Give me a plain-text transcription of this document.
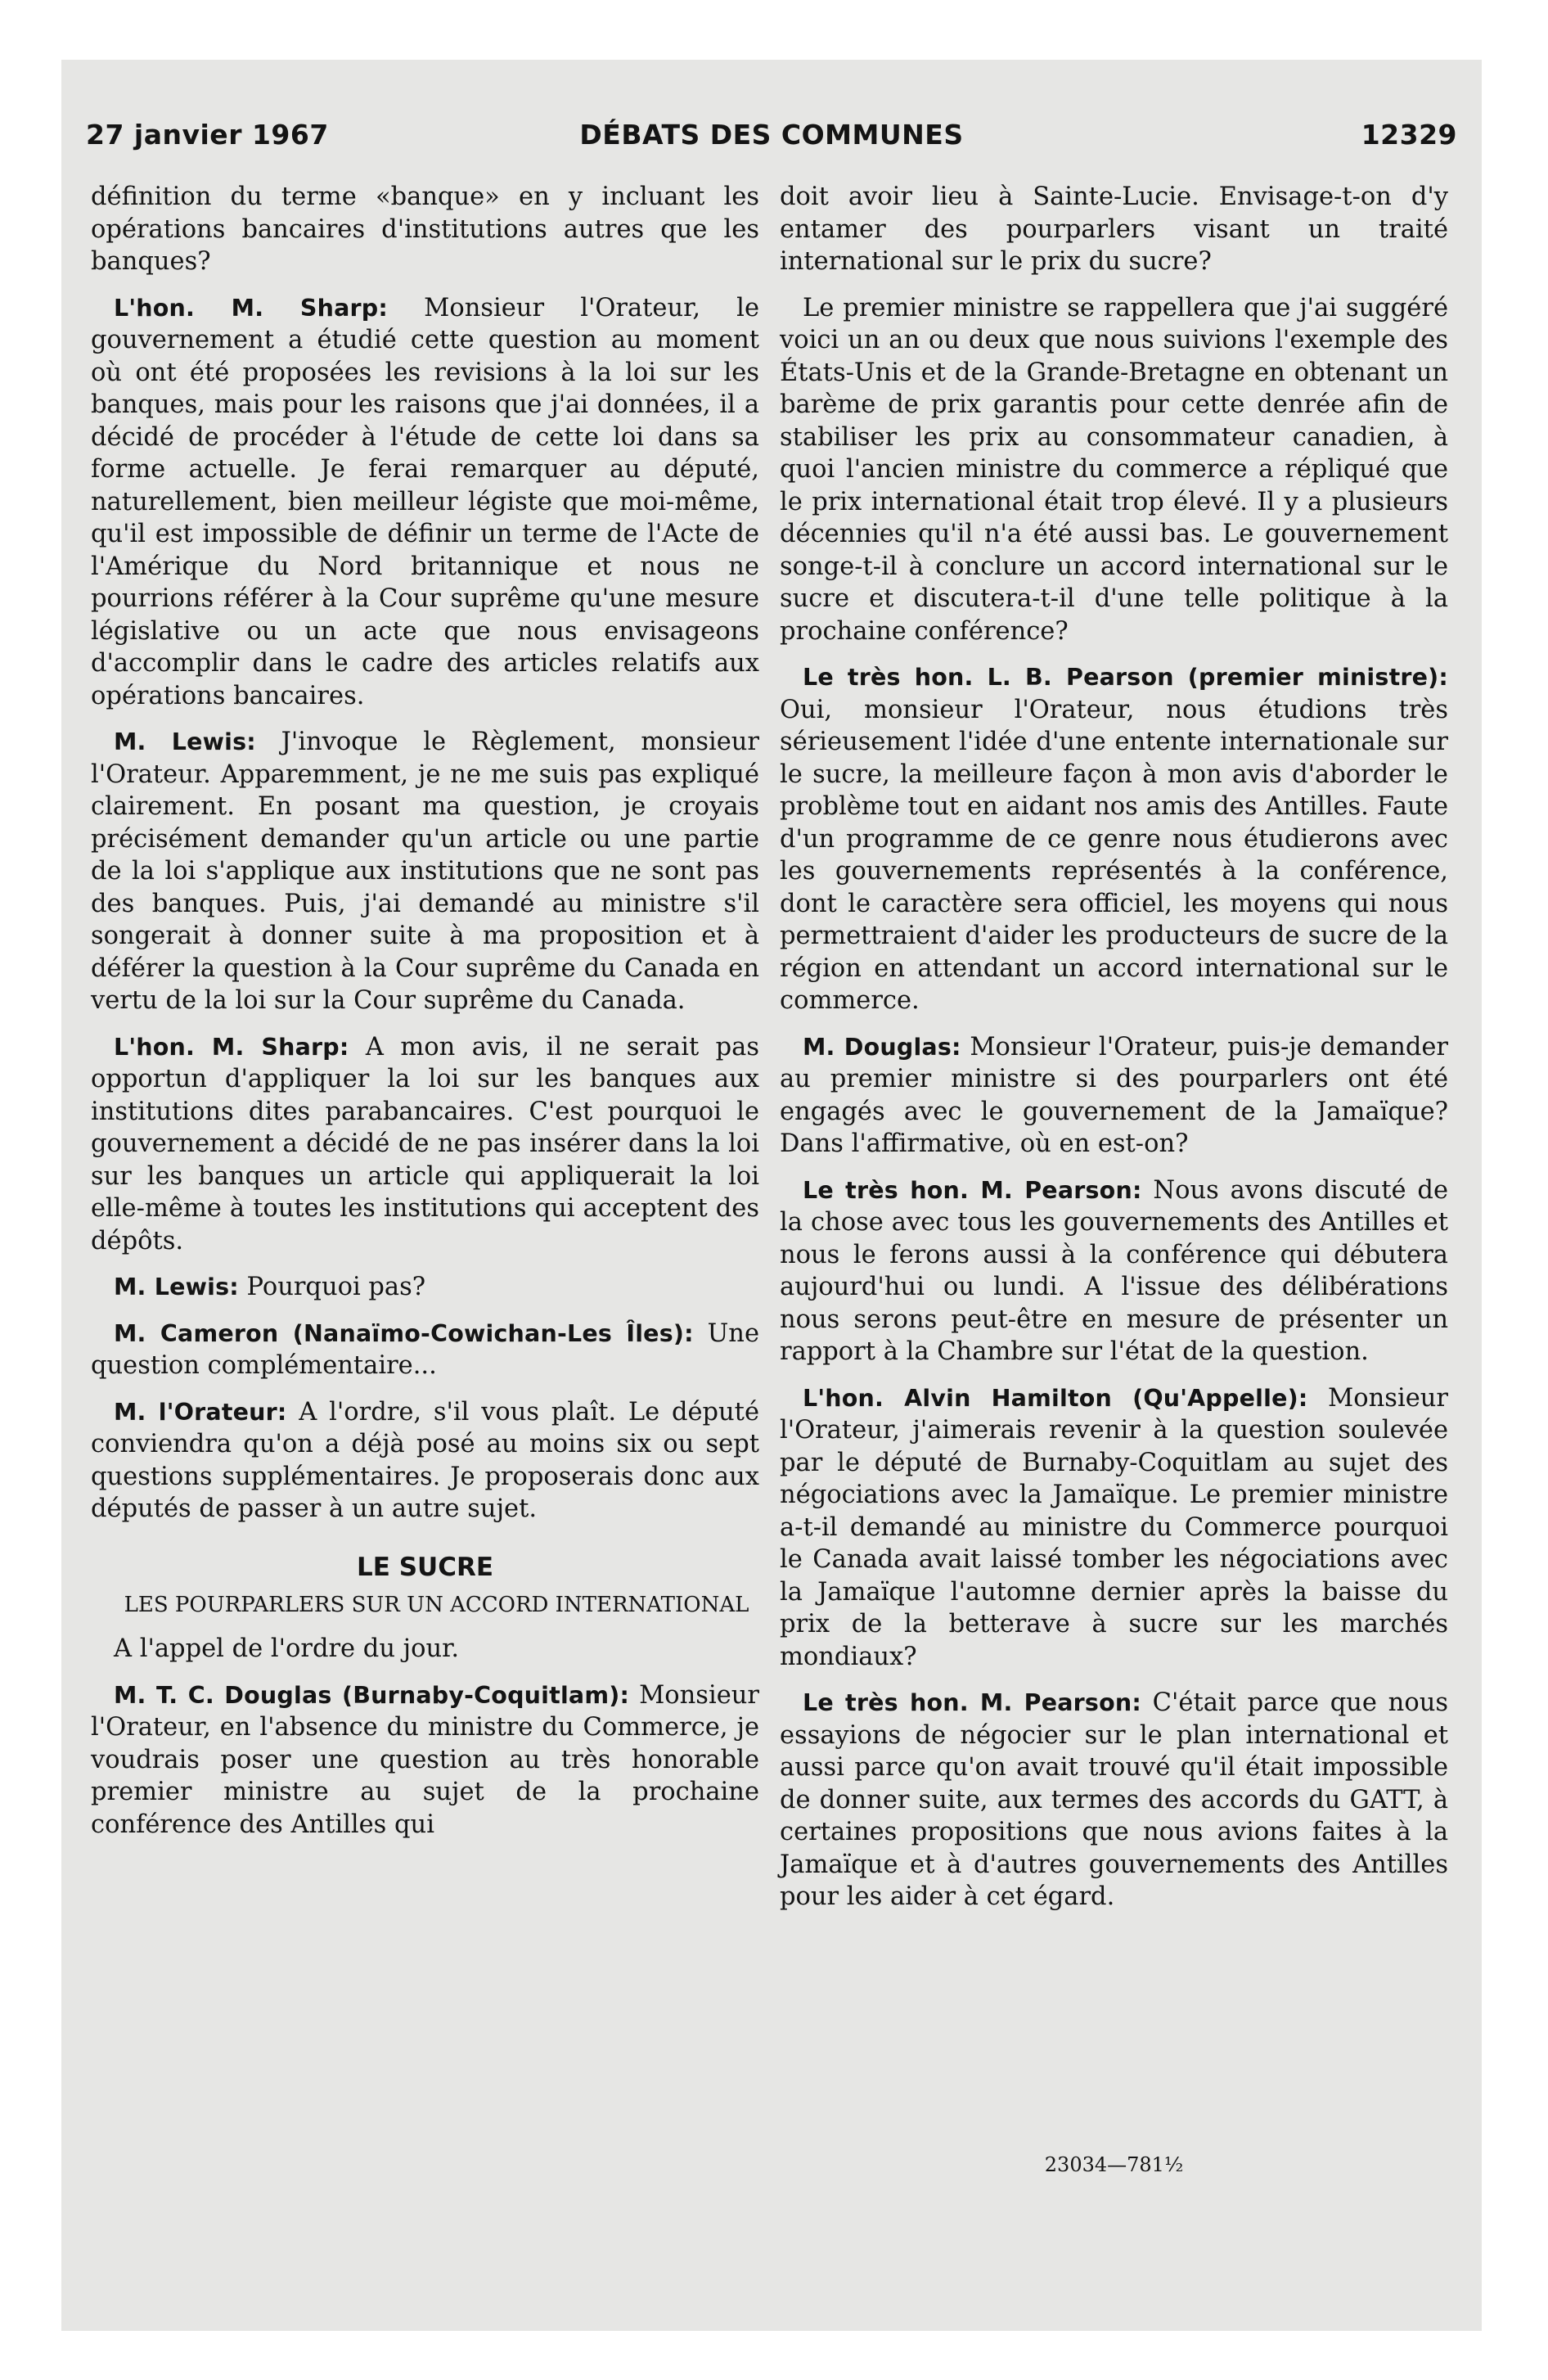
27 janvier 1967	DÉBATS DES COMMUNES	12329

définition du terme «banque» en y incluant les opérations bancaires d'institutions autres que les banques?

L'hon. M. Sharp: Monsieur l'Orateur, le gouvernement a étudié cette question au moment où ont été proposées les revisions à la loi sur les banques, mais pour les raisons que j'ai données, il a décidé de procéder à l'étude de cette loi dans sa forme actuelle. Je ferai remarquer au député, naturellement, bien meilleur légiste que moi-même, qu'il est impossible de définir un terme de l'Acte de l'Amérique du Nord britannique et nous ne pourrions référer à la Cour suprême qu'une mesure législative ou un acte que nous envisageons d'accomplir dans le cadre des articles relatifs aux opérations bancaires.

M. Lewis: J'invoque le Règlement, monsieur l'Orateur. Apparemment, je ne me suis pas expliqué clairement. En posant ma question, je croyais précisément demander qu'un article ou une partie de la loi s'applique aux institutions que ne sont pas des banques. Puis, j'ai demandé au ministre s'il songerait à donner suite à ma proposition et à déférer la question à la Cour suprême du Canada en vertu de la loi sur la Cour suprême du Canada.

L'hon. M. Sharp: A mon avis, il ne serait pas opportun d'appliquer la loi sur les banques aux institutions dites parabancaires. C'est pourquoi le gouvernement a décidé de ne pas insérer dans la loi sur les banques un article qui appliquerait la loi elle-même à toutes les institutions qui acceptent des dépôts.

M. Lewis: Pourquoi pas?

M. Cameron (Nanaïmo-Cowichan-Les Îles): Une question complémentaire...

M. l'Orateur: A l'ordre, s'il vous plaît. Le député conviendra qu'on a déjà posé au moins six ou sept questions supplémentaires. Je proposerais donc aux députés de passer à un autre sujet.

LE SUCRE

LES POURPARLERS SUR UN ACCORD INTERNATIONAL

A l'appel de l'ordre du jour.

M. T. C. Douglas (Burnaby-Coquitlam): Monsieur l'Orateur, en l'absence du ministre du Commerce, je voudrais poser une question au très honorable premier ministre au sujet de la prochaine conférence des Antilles qui

doit avoir lieu à Sainte-Lucie. Envisage-t-on d'y entamer des pourparlers visant un traité international sur le prix du sucre?

Le premier ministre se rappellera que j'ai suggéré voici un an ou deux que nous suivions l'exemple des États-Unis et de la Grande-Bretagne en obtenant un barème de prix garantis pour cette denrée afin de stabiliser les prix au consommateur canadien, à quoi l'ancien ministre du commerce a répliqué que le prix international était trop élevé. Il y a plusieurs décennies qu'il n'a été aussi bas. Le gouvernement songe-t-il à conclure un accord international sur le sucre et discutera-t-il d'une telle politique à la prochaine conférence?

Le très hon. L. B. Pearson (premier ministre): Oui, monsieur l'Orateur, nous étudions très sérieusement l'idée d'une entente internationale sur le sucre, la meilleure façon à mon avis d'aborder le problème tout en aidant nos amis des Antilles. Faute d'un programme de ce genre nous étudierons avec les gouvernements représentés à la conférence, dont le caractère sera officiel, les moyens qui nous permettraient d'aider les producteurs de sucre de la région en attendant un accord international sur le commerce.

M. Douglas: Monsieur l'Orateur, puis-je demander au premier ministre si des pourparlers ont été engagés avec le gouvernement de la Jamaïque? Dans l'affirmative, où en est-on?

Le très hon. M. Pearson: Nous avons discuté de la chose avec tous les gouvernements des Antilles et nous le ferons aussi à la conférence qui débutera aujourd'hui ou lundi. A l'issue des délibérations nous serons peut-être en mesure de présenter un rapport à la Chambre sur l'état de la question.

L'hon. Alvin Hamilton (Qu'Appelle): Monsieur l'Orateur, j'aimerais revenir à la question soulevée par le député de Burnaby-Coquitlam au sujet des négociations avec la Jamaïque. Le premier ministre a-t-il demandé au ministre du Commerce pourquoi le Canada avait laissé tomber les négociations avec la Jamaïque l'automne dernier après la baisse du prix de la betterave à sucre sur les marchés mondiaux?

Le très hon. M. Pearson: C'était parce que nous essayions de négocier sur le plan international et aussi parce qu'on avait trouvé qu'il était impossible de donner suite, aux termes des accords du GATT, à certaines propositions que nous avions faites à la Jamaïque et à d'autres gouvernements des Antilles pour les aider à cet égard.

23034—781½
